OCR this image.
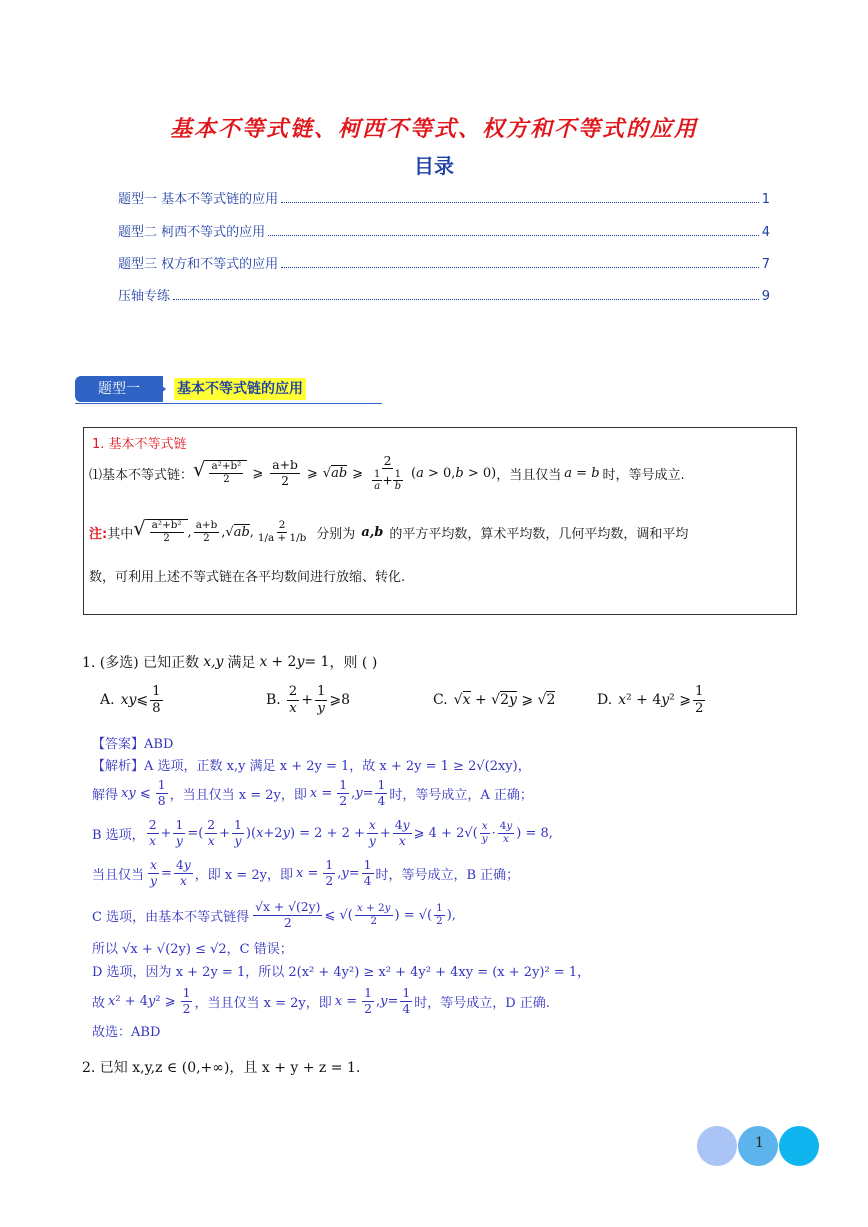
基本不等式链、柯西不等式、权方和不等式的应用
目录
题型一 基本不等式链的应用	1
题型二 柯西不等式的应用	4
题型三 权方和不等式的应用	7
压轴专练	9
题型一	基本不等式链的应用
1. 基本不等式链
⑴基本不等式链： √ $\frac{\text{a²+b²}}{2}$ ⩾ $\frac{a+b}{2}$ ⩾ √ab ⩾ $\frac{2}{\frac{1}{a} + \frac{1}{b}} (a > 0,b > 0)$ ，当且仅当 a = b 时，等号成立.
注: 其中 √ $\frac{\text{a²+b²}}{2}$ , $\frac{a+b}{2}$ , √ab , $\frac{2}{1/a + 1/b}$ 分别为 a,b 的平方平均数，算术平均数，几何平均数，调和平均
数，可利用上述不等式链在各平均数间进行放缩、转化.
1. (多选) 已知正数 x,y 满足 x + 2 y = 1 ，则 ( )
A. xy ⩽ $\frac{1}{8}$	B. $\frac{2}{x} + \frac{1}{y}$ ⩾8	C. √x + √2y ⩾ √2	D. x² + 4y² ⩾ $\frac{1}{2}$
【答案】ABD
【解析】A 选项，正数 x,y 满足 x + 2y = 1，故 x + 2y = 1 ≥ 2√(2xy)，
解得 xy ⩽ $\frac{1}{8}$ ，当且仅当 x = 2y，即 $x = \frac{1}{2}$ , $y = \frac{1}{4}$ 时，等号成立，A 正确；
B 选项， $\frac{2}{x} + \frac{1}{y}$ =( $\frac{2}{x} + \frac{1}{y}$ )( x +2 y ) = $2 + 2 + \frac{x}{y} + \frac{4y}{x}$ ⩾ $4 + 2√( \frac{x}{y} \cdot \frac{4y}{x}$ ) = 8,
当且仅当 $\frac{x}{y} = \frac{4y}{x}$ ，即 x = 2y，即 $x = \frac{1}{2}$ , $y = \frac{1}{4}$ 时，等号成立，B 正确；
C 选项，由基本不等式链得 $\frac{√x + √(2y)}{2}$ ⩽ √( $\frac{x + 2y}{2}$ ) = √( $\frac{1}{2}$ ),
所以 √x + √(2y) ≤ √2，C 错误；
D 选项，因为 x + 2y = 1，所以 2(x² + 4y²) ≥ x² + 4y² + 4xy = (x + 2y)² = 1，
故 x² + 4y² ⩾ $\frac{1}{2}$ ，当且仅当 x = 2y，即 $x = \frac{1}{2}$ , $y = \frac{1}{4}$ 时，等号成立，D 正确.
故选：ABD
2. 已知 x,y,z ∈ (0,+∞)，且 x + y + z = 1.
1
